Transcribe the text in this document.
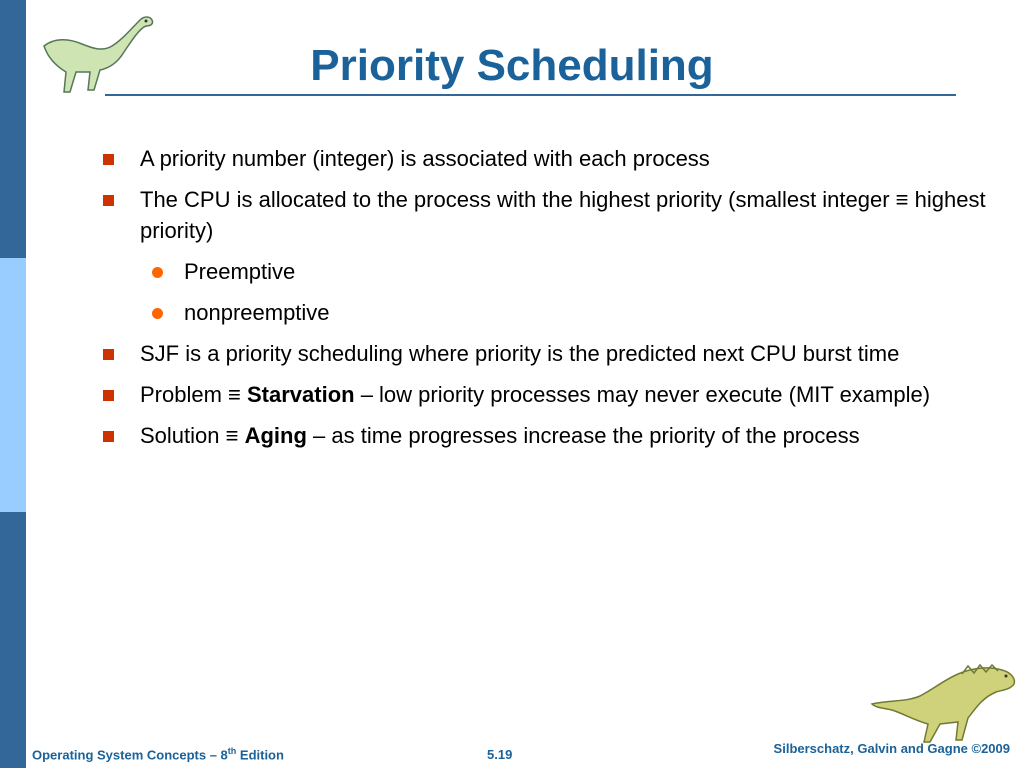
Priority Scheduling
A priority number (integer) is associated with each process
The CPU is allocated to the process with the highest priority (smallest integer ≡ highest priority)
Preemptive
nonpreemptive
SJF is a priority scheduling where priority is the predicted next CPU burst time
Problem ≡ Starvation – low priority processes may never execute (MIT example)
Solution ≡ Aging – as time progresses increase the priority of the process
Operating System Concepts – 8th Edition	5.19	Silberschatz, Galvin and Gagne ©2009
